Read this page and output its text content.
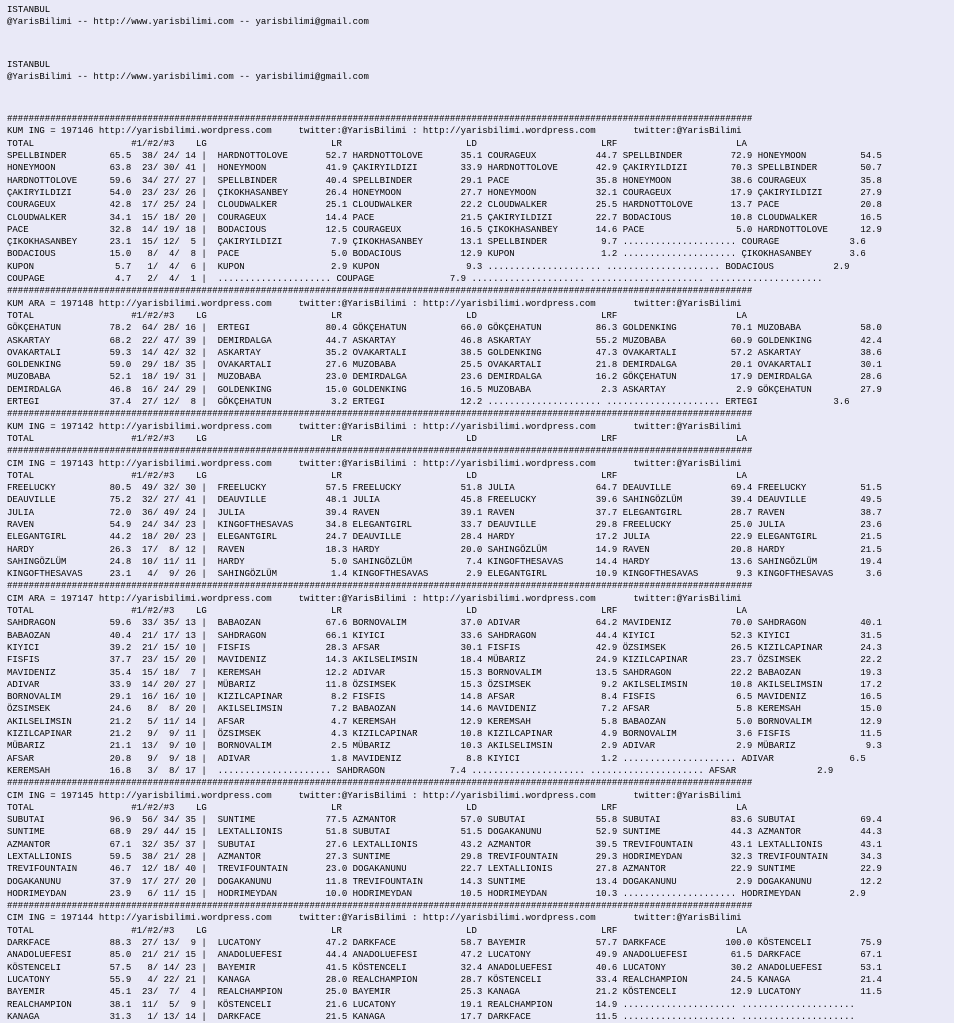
ISTANBUL
@YarisBilimi -- http://www.yarisbilimi.com -- yarisbilimi@gmail.com
ISTANBUL
@YarisBilimi -- http://www.yarisbilimi.com -- yarisbilimi@gmail.com
##########################################################################################################################################
KUM ING = 197146 http://yarisbilimi.wordpress.com     twitter:@YarisBilimi : http://yarisbilimi.wordpress.com       twitter:@YarisBilimi
TOTAL                  #1/#2/#3    LG                       LR                       LD                       LRF                      LA
SPELLBINDER        65.5  38/ 24/ 14 |  HARDNOTTOLOVE       52.7 HARDNOTTOLOVE       35.1 COURAGEUX           44.7 SPELLBINDER         72.9 HONEYMOON          54.5
HONEYMOON          63.8  23/ 30/ 41 |  HONEYMOON           41.9 ÇAKIRYILDIZI        33.9 HARDNOTTOLOVE       42.9 ÇAKIRYILDIZI        70.3 SPELLBINDER        50.7
HARDNOTTOLOVE      59.6  34/ 27/ 27 |  SPELLBINDER         40.4 SPELLBINDER         29.1 PACE                35.8 HONEYMOON           38.6 COURAGEUX          35.8
ÇAKIRYILDIZI       54.0  23/ 23/ 26 |  ÇIKOKHASANBEY       26.4 HONEYMOON           27.7 HONEYMOON           32.1 COURAGEUX           17.9 ÇAKIRYILDIZI       27.9
COURAGEUX          42.8  17/ 25/ 24 |  CLOUDWALKER         25.1 CLOUDWALKER         22.2 CLOUDWALKER         25.5 HARDNOTTOLOVE       13.7 PACE               20.8
CLOUDWALKER        34.1  15/ 18/ 20 |  COURAGEUX           14.4 PACE                21.5 ÇAKIRYILDIZI        22.7 BODACIOUS           10.8 CLOUDWALKER        16.5
PACE               32.8  14/ 19/ 18 |  BODACIOUS           12.5 COURAGEUX           16.5 ÇIKOKHASANBEY       14.6 PACE                 5.0 HARDNOTTOLOVE      12.9
ÇIKOKHASANBEY      23.1  15/ 12/  5 |  ÇAKIRYILDIZI         7.9 ÇIKOKHASANBEY       13.1 SPELLBINDER          9.7 ..................... COURAGE             3.6
BODACIOUS          15.0   8/  4/  8 |  PACE                 5.0 BODACIOUS           12.9 KUPON                1.2 ..................... ÇIKOKHASANBEY       3.6
KUPON               5.7   1/  4/  6 |  KUPON                2.9 KUPON                9.3 ..................... ..................... BODACIOUS           2.9
COUPAGE             4.7   2/  4/  1 |  ..................... COUPAGE              7.9 ..................... ..................... .....................
##########################################################################################################################################
KUM ARA = 197148 http://yarisbilimi.wordpress.com     twitter:@YarisBilimi : http://yarisbilimi.wordpress.com       twitter:@YarisBilimi
TOTAL                  #1/#2/#3    LG                       LR                       LD                       LRF                      LA
GÖKÇEHATUN         78.2  64/ 28/ 16 |  ERTEGI              80.4 GÖKÇEHATUN          66.0 GÖKÇEHATUN          86.3 GOLDENKING          70.1 MUZOBABA           58.0
ASKARTAY           68.2  22/ 47/ 39 |  DEMIRDALGA          44.7 ASKARTAY            46.8 ASKARTAY            55.2 MUZOBABA            60.9 GOLDENKING         42.4
OVAKARTALI         59.3  14/ 42/ 32 |  ASKARTAY            35.2 OVAKARTALI          38.5 GOLDENKING          47.3 OVAKARTALI          57.2 ASKARTAY           38.6
GOLDENKING         59.0  29/ 18/ 35 |  OVAKARTALI          27.6 MUZOBABA            25.5 OVAKARTALI          21.8 DEMIRDALGA          20.1 OVAKARTALI         30.1
MUZOBABA           52.1  18/ 19/ 31 |  MUZOBABA            23.0 DEMIRDALGA          23.6 DEMIRDALGA          16.2 GÖKÇEHATUN          17.9 DEMIRDALGA         28.6
DEMIRDALGA         46.8  16/ 24/ 29 |  GOLDENKING          15.0 GOLDENKING          16.5 MUZOBABA             2.3 ASKARTAY             2.9 GÖKÇEHATUN         27.9
ERTEGI             37.4  27/ 12/  8 |  GÖKÇEHATUN           3.2 ERTEGI              12.2 ..................... ..................... ERTEGI              3.6
##########################################################################################################################################
KUM ING = 197142 http://yarisbilimi.wordpress.com     twitter:@YarisBilimi : http://yarisbilimi.wordpress.com       twitter:@YarisBilimi
TOTAL                  #1/#2/#3    LG                       LR                       LD                       LRF                      LA
##########################################################################################################################################
CIM ING = 197143 http://yarisbilimi.wordpress.com     twitter:@YarisBilimi : http://yarisbilimi.wordpress.com       twitter:@YarisBilimi
TOTAL                  #1/#2/#3    LG                       LR                       LD                       LRF                      LA
FREELUCKY          80.5  49/ 32/ 30 |  FREELUCKY           57.5 FREELUCKY           51.8 JULIA               64.7 DEAUVILLE           69.4 FREELUCKY          51.5
DEAUVILLE          75.2  32/ 27/ 41 |  DEAUVILLE           48.1 JULIA               45.8 FREELUCKY           39.6 SAHINGÖZLÜM         39.4 DEAUVILLE          49.5
JULIA              72.0  36/ 49/ 24 |  JULIA               39.4 RAVEN               39.1 RAVEN               37.7 ELEGANTGIRL         28.7 RAVEN              38.7
RAVEN              54.9  24/ 34/ 23 |  KINGOFTHESAVAS      34.8 ELEGANTGIRL         33.7 DEAUVILLE           29.8 FREELUCKY           25.0 JULIA              23.6
ELEGANTGIRL        44.2  18/ 20/ 23 |  ELEGANTGIRL         24.7 DEAUVILLE           28.4 HARDY               17.2 JULIA               22.9 ELEGANTGIRL        21.5
HARDY              26.3  17/  8/ 12 |  RAVEN               18.3 HARDY               20.0 SAHINGÖZLÜM         14.9 RAVEN               20.8 HARDY              21.5
SAHINGÖZLÜM        24.8  10/ 11/ 11 |  HARDY                5.0 SAHINGÖZLÜM          7.4 KINGOFTHESAVAS      14.4 HARDY               13.6 SAHINGÖZLÜM        19.4
KINGOFTHESAVAS     23.1   4/  9/ 26 |  SAHINGÖZLÜM          1.4 KINGOFTHESAVAS       2.9 ELEGANTGIRL         10.9 KINGOFTHESAVAS       9.3 KINGOFTHESAVAS      3.6
##########################################################################################################################################
CIM ARA = 197147 http://yarisbilimi.wordpress.com     twitter:@YarisBilimi : http://yarisbilimi.wordpress.com       twitter:@YarisBilimi
TOTAL                  #1/#2/#3    LG                       LR                       LD                       LRF                      LA
SAHDRAGON          59.6  33/ 35/ 13 |  BABAOZAN            67.6 BORNOVALIM          37.0 ADIVAR              64.2 MAVIDENIZ           70.0 SAHDRAGON          40.1
BABAOZAN           40.4  21/ 17/ 13 |  SAHDRAGON           66.1 KIYICI              33.6 SAHDRAGON           44.4 KIYICI              52.3 KIYICI             31.5
KIYICI             39.2  21/ 15/ 10 |  FISFIS              28.3 AFSAR               30.1 FISFIS              42.9 ÖZSIMSEK            26.5 KIZILCAPINAR       24.3
FISFIS             37.7  23/ 15/ 20 |  MAVIDENIZ           14.3 AKILSELIMSIN        18.4 MÜBARIZ             24.9 KIZILCAPINAR        23.7 ÖZSIMSEK           22.2
MAVIDENIZ          35.4  15/ 18/  7 |  KEREMSAH            12.2 ADIVAR              15.3 BORNOVALIM          13.5 SAHDRAGON           22.2 BABAOZAN           19.3
ADIVAR             33.9  14/ 20/ 27 |  MÜBARIZ             11.8 ÖZSIMSEK            15.3 ÖZSIMSEK             9.2 AKILSELIMSIN        10.8 AKILSELIMSIN       17.2
BORNOVALIM         29.1  16/ 16/ 10 |  KIZILCAPINAR         8.2 FISFIS              14.8 AFSAR                8.4 FISFIS               6.5 MAVIDENIZ          16.5
ÖZSIMSEK           24.6   8/  8/ 20 |  AKILSELIMSIN         7.2 BABAOZAN            14.6 MAVIDENIZ            7.2 AFSAR                5.8 KEREMSAH           15.0
AKILSELIMSIN       21.2   5/ 11/ 14 |  AFSAR                4.7 KEREMSAH            12.9 KEREMSAH             5.8 BABAOZAN             5.0 BORNOVALIM         12.9
KIZILCAPINAR       21.2   9/  9/ 11 |  ÖZSIMSEK             4.3 KIZILCAPINAR        10.8 KIZILCAPINAR         4.9 BORNOVALIM           3.6 FISFIS             11.5
MÜBARIZ            21.1  13/  9/ 10 |  BORNOVALIM           2.5 MÜBARIZ             10.3 AKILSELIMSIN         2.9 ADIVAR               2.9 MÜBARIZ             9.3
AFSAR              20.8   9/  9/ 18 |  ADIVAR               1.8 MAVIDENIZ            8.8 KIYICI               1.2 ..................... ADIVAR              6.5
KEREMSAH           16.8   3/  8/ 17 |  ..................... SAHDRAGON            7.4 ..................... ..................... AFSAR               2.9
##########################################################################################################################################
CIM ING = 197145 http://yarisbilimi.wordpress.com     twitter:@YarisBilimi : http://yarisbilimi.wordpress.com       twitter:@YarisBilimi
TOTAL                  #1/#2/#3    LG                       LR                       LD                       LRF                      LA
SUBUTAI            96.9  56/ 34/ 35 |  SUNTIME             77.5 AZMANTOR            57.0 SUBUTAI             55.8 SUBUTAI             83.6 SUBUTAI            69.4
SUNTIME            68.9  29/ 44/ 15 |  LEXTALLIONIS        51.8 SUBUTAI             51.5 DOGAKANUNU          52.9 SUNTIME             44.3 AZMANTOR           44.3
AZMANTOR           67.1  32/ 35/ 37 |  SUBUTAI             27.6 LEXTALLIONIS        43.2 AZMANTOR            39.5 TREVIFOUNTAIN       43.1 LEXTALLIONIS       43.1
LEXTALLIONIS       59.5  38/ 21/ 28 |  AZMANTOR            27.3 SUNTIME             29.8 TREVIFOUNTAIN       29.3 HODRIMEYDAN         32.3 TREVIFOUNTAIN      34.3
TREVIFOUNTAIN      46.7  12/ 18/ 40 |  TREVIFOUNTAIN       23.0 DOGAKANUNU          22.7 LEXTALLIONIS        27.8 AZMANTOR            22.9 SUNTIME            22.9
DOGAKANUNU         37.9  17/ 27/ 20 |  DOGAKANUNU          11.8 TREVIFOUNTAIN       14.3 SUNTIME             13.4 DOGAKANUNU           2.9 DOGAKANUNU         12.2
HODRIMEYDAN        23.9   6/ 11/ 15 |  HODRIMEYDAN         10.0 HODRIMEYDAN         10.5 HODRIMEYDAN         10.3 ..................... HODRIMEYDAN         2.9
##########################################################################################################################################
CIM ING = 197144 http://yarisbilimi.wordpress.com     twitter:@YarisBilimi : http://yarisbilimi.wordpress.com       twitter:@YarisBilimi
TOTAL                  #1/#2/#3    LG                       LR                       LD                       LRF                      LA
DARKFACE           88.3  27/ 13/  9 |  LUCATONY            47.2 DARKFACE            58.7 BAYEMIR             57.7 DARKFACE           100.0 KÖSTENCELI         75.9
ANADOLUEFESI       85.0  21/ 21/ 15 |  ANADOLUEFESI        44.4 ANADOLUEFESI        47.2 LUCATONY            49.9 ANADOLUEFESI        61.5 DARKFACE           67.1
KÖSTENCELI         57.5   8/ 14/ 23 |  BAYEMIR             41.5 KÖSTENCELI          32.4 ANADOLUEFESI        40.6 LUCATONY            30.2 ANADOLUEFESI       53.1
LUCATONY           55.9   4/ 22/ 21 |  KANAGA              28.0 REALCHAMPION        28.7 KÖSTENCELI          33.4 REALCHAMPION        24.5 KANAGA             21.4
BAYEMIR            45.1  23/  7/  4 |  REALCHAMPION        25.0 BAYEMIR             25.3 KANAGA              21.2 KÖSTENCELI          12.9 LUCATONY           11.5
REALCHAMPION       38.1  11/  5/  9 |  KÖSTENCELI          21.6 LUCATONY            19.1 REALCHAMPION        14.9 ..................... .....................
KANAGA             31.3   1/ 13/ 14 |  DARKFACE            21.5 KANAGA              17.7 DARKFACE            11.5 ..................... .....................
